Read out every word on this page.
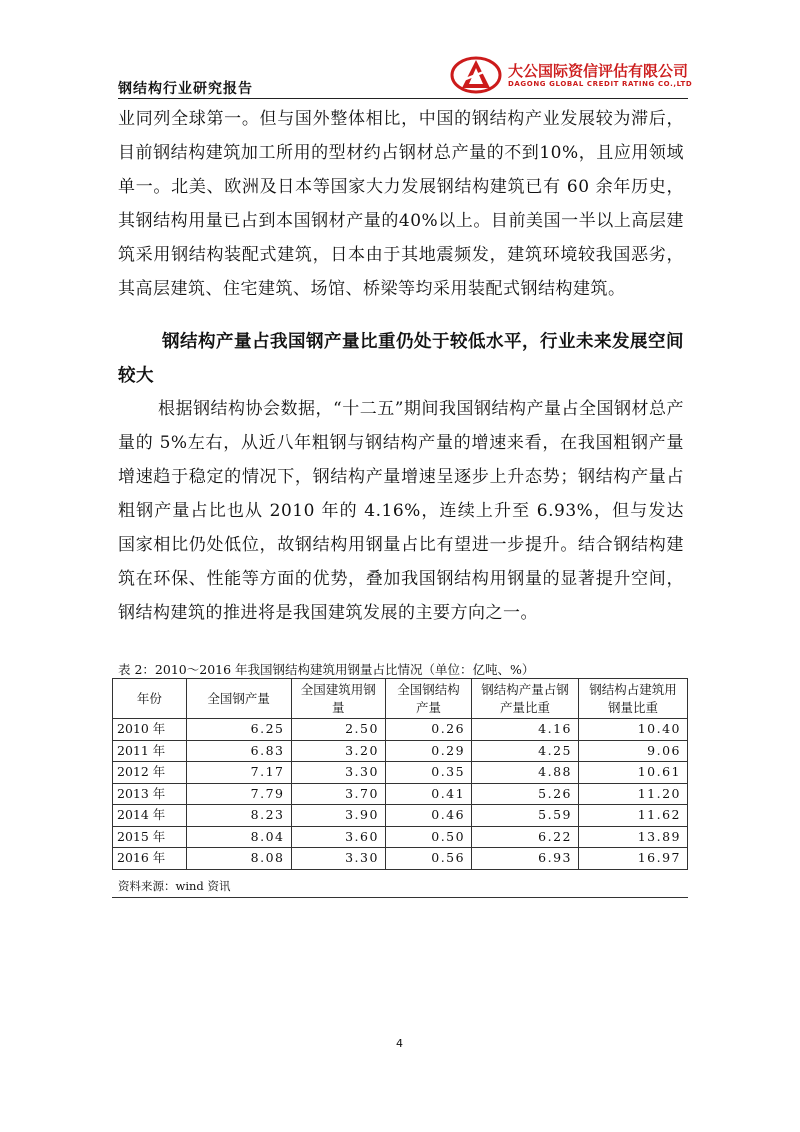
钢结构行业研究报告
大公国际资信评估有限公司
DAGONG GLOBAL CREDIT RATING CO.,LTD

业同列全球第一。但与国外整体相比，中国的钢结构产业发展较为滞后，目前钢结构建筑加工所用的型材约占钢材总产量的不到10%，且应用领域单一。北美、欧洲及日本等国家大力发展钢结构建筑已有 60 余年历史，其钢结构用量已占到本国钢材产量的40%以上。目前美国一半以上高层建筑采用钢结构装配式建筑，日本由于其地震频发，建筑环境较我国恶劣，其高层建筑、住宅建筑、场馆、桥梁等均采用装配式钢结构建筑。

钢结构产量占我国钢产量比重仍处于较低水平，行业未来发展空间较大
根据钢结构协会数据，“十二五”期间我国钢结构产量占全国钢材总产量的 5%左右，从近八年粗钢与钢结构产量的增速来看，在我国粗钢产量增速趋于稳定的情况下，钢结构产量增速呈逐步上升态势；钢结构产量占粗钢产量占比也从 2010 年的 4.16%，连续上升至 6.93%，但与发达国家相比仍处低位，故钢结构用钢量占比有望进一步提升。结合钢结构建筑在环保、性能等方面的优势，叠加我国钢结构用钢量的显著提升空间，钢结构建筑的推进将是我国建筑发展的主要方向之一。
表 2：2010～2016 年我国钢结构建筑用钢量占比情况（单位：亿吨、%）
年份	全国钢产量	全国建筑用钢量	全国钢结构产量	钢结构产量占钢产量比重	钢结构占建筑用钢量比重
2010 年	6.25	2.50	0.26	4.16	10.40
2011 年	6.83	3.20	0.29	4.25	9.06
2012 年	7.17	3.30	0.35	4.88	10.61
2013 年	7.79	3.70	0.41	5.26	11.20
2014 年	8.23	3.90	0.46	5.59	11.62
2015 年	8.04	3.60	0.50	6.22	13.89
2016 年	8.08	3.30	0.56	6.93	16.97
资料来源：wind 资讯
4
